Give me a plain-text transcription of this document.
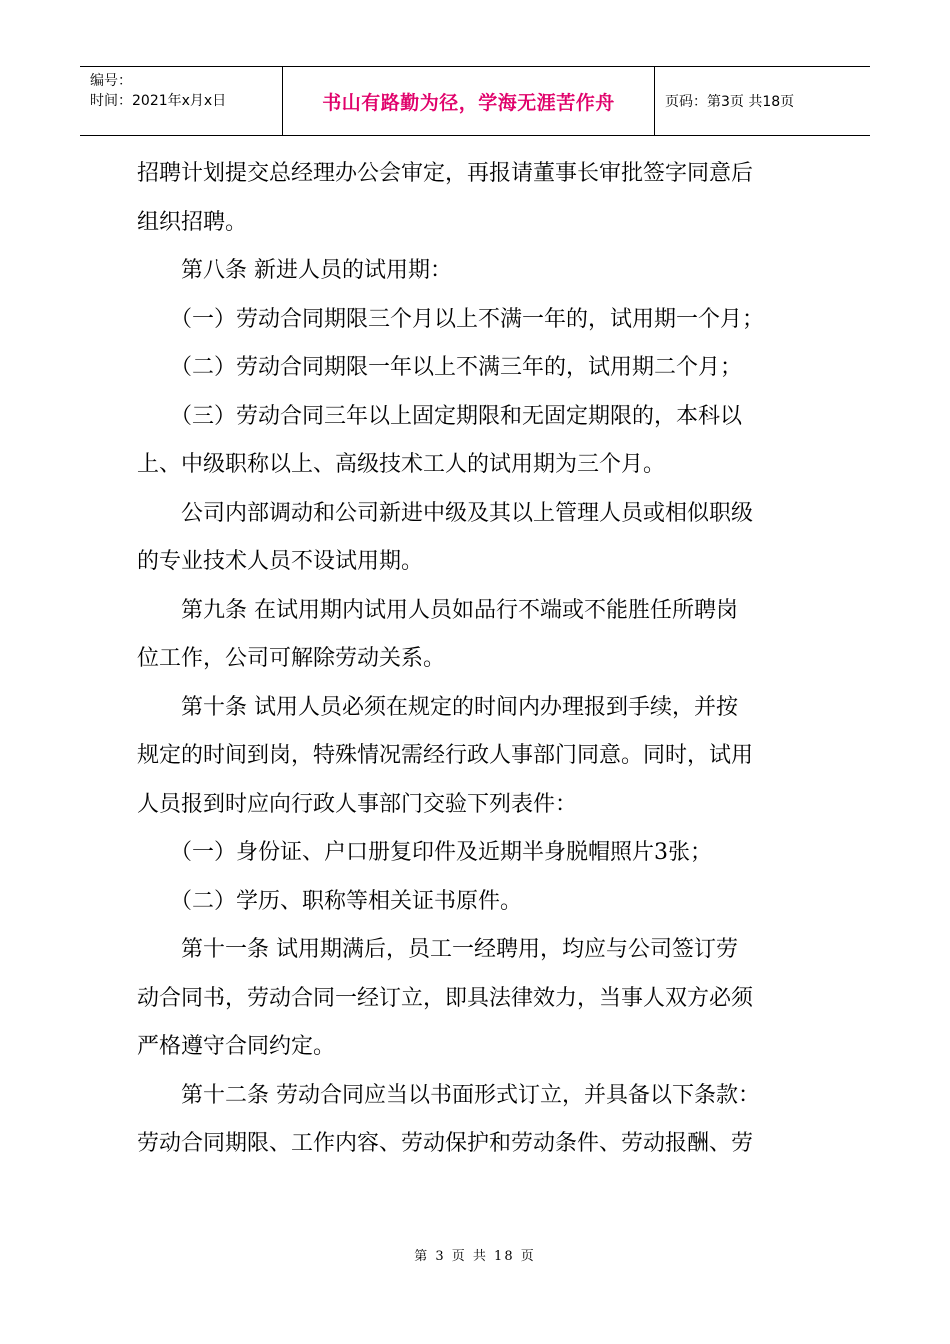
编号：
时间：2021年x月x日	书山有路勤为径，学海无涯苦作舟	页码：第3页 共18页

招聘计划提交总经理办公会审定，再报请董事长审批签字同意后

组织招聘。

　　第八条 新进人员的试用期：

　　（一）劳动合同期限三个月以上不满一年的，试用期一个月；

　　（二）劳动合同期限一年以上不满三年的，试用期二个月；

　　（三）劳动合同三年以上固定期限和无固定期限的，本科以

上、中级职称以上、高级技术工人的试用期为三个月。

　　公司内部调动和公司新进中级及其以上管理人员或相似职级

的专业技术人员不设试用期。

　　第九条 在试用期内试用人员如品行不端或不能胜任所聘岗

位工作，公司可解除劳动关系。

　　第十条 试用人员必须在规定的时间内办理报到手续，并按

规定的时间到岗，特殊情况需经行政人事部门同意。同时，试用

人员报到时应向行政人事部门交验下列表件：

　　（一）身份证、户口册复印件及近期半身脱帽照片3张；

　　（二）学历、职称等相关证书原件。

　　第十一条 试用期满后，员工一经聘用，均应与公司签订劳

动合同书，劳动合同一经订立，即具法律效力，当事人双方必须

严格遵守合同约定。

　　第十二条 劳动合同应当以书面形式订立，并具备以下条款：

劳动合同期限、工作内容、劳动保护和劳动条件、劳动报酬、劳

第 3 页 共 18 页
